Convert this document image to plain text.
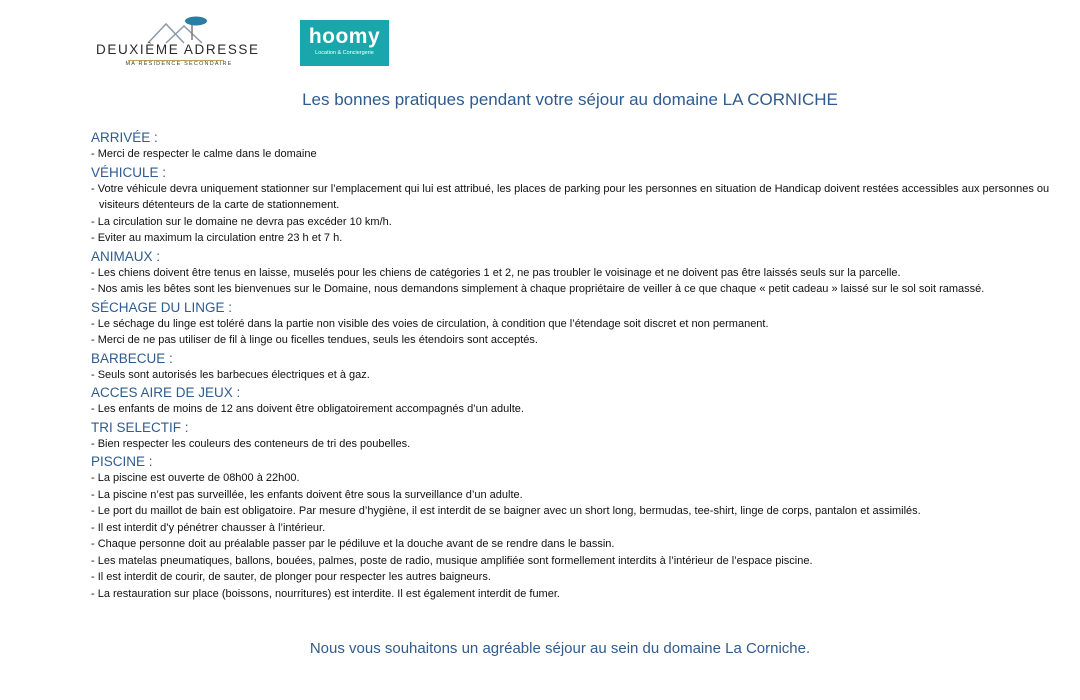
DEUXIÈME ADRESSE
MA RÉSIDENCE SECONDAIRE
hoomy
Location & Conciergerie
Les bonnes pratiques pendant votre séjour au domaine LA CORNICHE
ARRIVÉE :
- Merci de respecter le calme dans le domaine
VÉHICULE :
- Votre véhicule devra uniquement stationner sur l’emplacement qui lui est attribué, les places de parking pour les personnes en situation de Handicap doivent restées accessibles aux personnes ou visiteurs détenteurs de la carte de stationnement.
- La circulation sur le domaine ne devra pas excéder 10 km/h.
- Eviter au maximum la circulation entre 23 h et 7 h.
ANIMAUX :
- Les chiens doivent être tenus en laisse, muselés pour les chiens de catégories 1 et 2, ne pas troubler le voisinage et ne doivent pas être laissés seuls sur la parcelle.
- Nos amis les bêtes sont les bienvenues sur le Domaine, nous demandons simplement à chaque propriétaire de veiller à ce que chaque « petit cadeau » laissé sur le sol soit ramassé.
SÉCHAGE DU LINGE :
- Le séchage du linge est toléré dans la partie non visible des voies de circulation, à condition que l’étendage soit discret et non permanent.
- Merci de ne pas utiliser de fil à linge ou ficelles tendues, seuls les étendoirs sont acceptés.
BARBECUE :
- Seuls sont autorisés les barbecues électriques et à gaz.
ACCES AIRE DE JEUX :
- Les enfants de moins de 12 ans doivent être obligatoirement accompagnés d’un adulte.
TRI SELECTIF :
- Bien respecter les couleurs des conteneurs de tri des poubelles.
PISCINE :
- La piscine est ouverte de 08h00 à 22h00.
- La piscine n’est pas surveillée, les enfants doivent être sous la surveillance d’un adulte.
- Le port du maillot de bain est obligatoire. Par mesure d’hygiène, il est interdit de se baigner avec un short long, bermudas, tee-shirt, linge de corps, pantalon et assimilés.
- Il est interdit d’y pénétrer chausser à l’intérieur.
- Chaque personne doit au préalable passer par le pédiluve et la douche avant de se rendre dans le bassin.
- Les matelas pneumatiques, ballons, bouées, palmes, poste de radio, musique amplifiée sont formellement interdits à l’intérieur de l’espace piscine.
- Il est interdit de courir, de sauter, de plonger pour respecter les autres baigneurs.
- La restauration sur place (boissons, nourritures) est interdite. Il est également interdit de fumer.
Nous vous souhaitons un agréable séjour au sein du domaine La Corniche.
